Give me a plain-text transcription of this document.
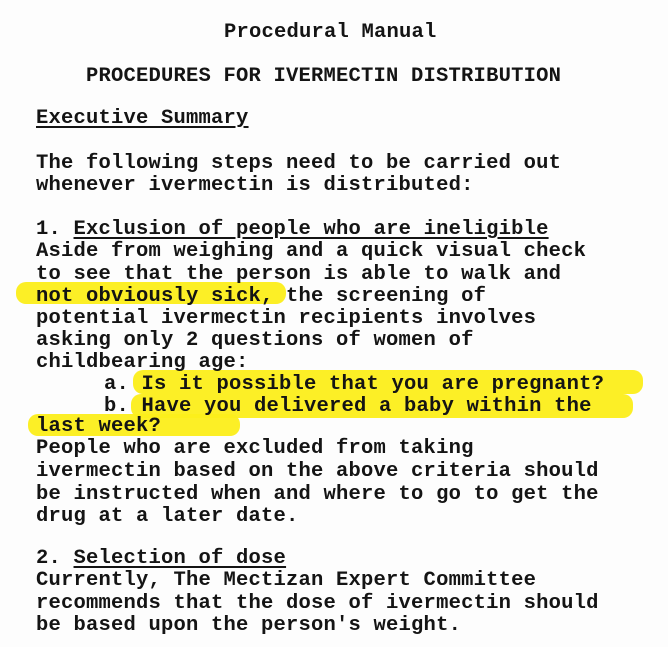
Procedural Manual
PROCEDURES FOR IVERMECTIN DISTRIBUTION
Executive Summary
The following steps need to be carried out
whenever ivermectin is distributed:
1. Exclusion of people who are ineligible
Aside from weighing and a quick visual check
to see that the person is able to walk and
not obviously sick, the screening of
potential ivermectin recipients involves
asking only 2 questions of women of
childbearing age:
a. Is it possible that you are pregnant?
b. Have you delivered a baby within the
last week?
People who are excluded from taking
ivermectin based on the above criteria should
be instructed when and where to go to get the
drug at a later date.
2. Selection of dose
Currently, The Mectizan Expert Committee
recommends that the dose of ivermectin should
be based upon the person's weight.
